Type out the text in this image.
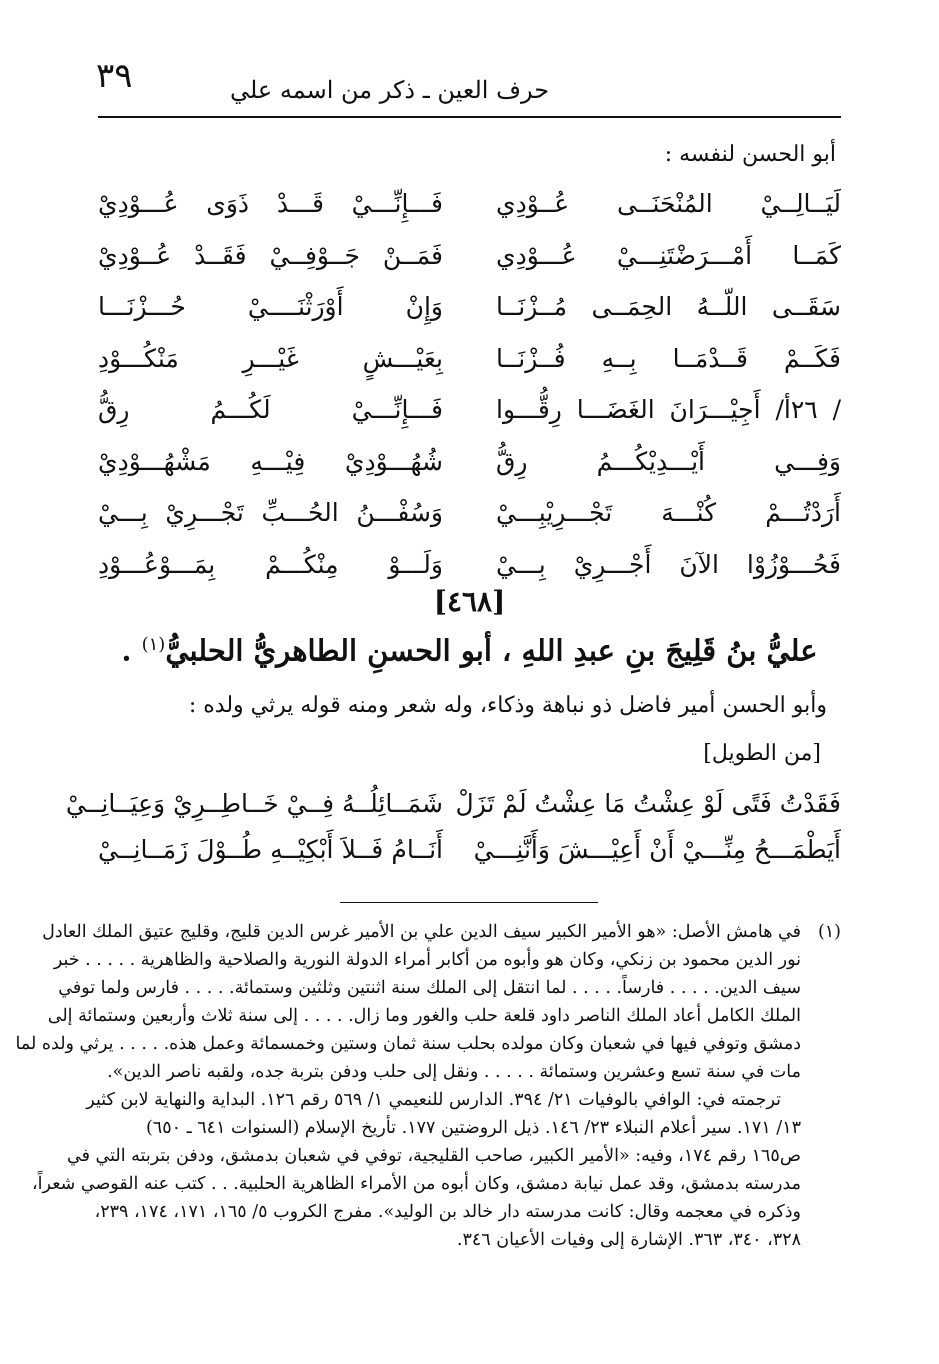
٣٩	حرف العين ـ ذكر من اسمه علي
أبو الحسن لنفسه :
لَيَــالِــيْ المُنْحَنَــى عُــوْدِي
فَـــإِنِّـــيْ قَـــدْ ذَوَى عُـــوْدِيْ
كَمَــا أَمْـــرَضْتَنِـــيْ عُـــوْدِي
فَمَــنْ جَــوْفِــيْ فَقَــدْ عُــوْدِيْ
سَقَــى اللّــهُ الحِمَــى مُــزْنَــا
وَإِنْ أَوْرَثْنَــــيْ حُـــزْنَـــا
فَكَــمْ قَــدْمَــا بِــهِ فُــزْنَــا
بِعَيْـــشٍ غَيْـــرِ مَنْكُـــوْدِ
/ ٢٦أ/ أَجِيْـــرَانَ الغَضَـــا رِقُّـــوا
فَـــإِنِّـــيْ لَكُـــمُ رِقُّ
وَفِـــي أَيْـــدِيْكُـــمُ رِقُّ
شُهُـــوْدِيْ فِيْـــهِ مَشْهُـــوْدِيْ
أَرَدْتُـــمْ كُنْـــهَ تَجْـــرِيْبِـــيْ
وَسُفْـــنُ الحُـــبِّ تَجْـــرِيْ بِـــيْ
فَحُـــوْزُوْا الآنَ أَجْـــرِيْ بِـــيْ
وَلَـــوْ مِنْكُـــمْ بِمَـــوْعُـــوْدِ
[٤٦٨]
عليُّ بنُ قَلِيجَ بنِ عبدِ اللهِ ، أبو الحسنِ الطاهريُّ الحلبيُّ$^{(١)}$ .
وأبو الحسن أمير فاضل ذو نباهة وذكاء، وله شعر ومنه قوله يرثي ولده :
[من الطويل]
فَقَدْتُ فَتًى لَوْ عِشْتُ مَا عِشْتُ لَمْ تَزَلْ
شَمَــائِلُــهُ فِــيْ خَــاطِــرِيْ وَعِيَــانِــيْ
أَيَطْمَـــحُ مِنِّـــيْ أَنْ أَعِيْـــشَ وَأَنَّنِـــيْ
أَنَــامُ فَــلاَ أَبْكِيْــهِ طُــوْلَ زَمَــانِــيْ
(١)
في هامش الأصل: «هو الأمير الكبير سيف الدين علي بن الأمير غرس الدين قليج، وقليج عتيق الملك العادل
نور الدين محمود بن زنكي، وكان هو وأبوه من أكابر أمراء الدولة النورية والصلاحية والظاهرية . . . . . خبر
سيف الدين. . . . . فارساً. . . . . لما انتقل إلى الملك سنة اثنتين وثلثين وستمائة. . . . . فارس ولما توفي
الملك الكامل أعاد الملك الناصر داود قلعة حلب والغور وما زال. . . . . إلى سنة ثلاث وأربعين وستمائة إلى
دمشق وتوفي فيها في شعبان وكان مولده بحلب سنة ثمان وستين وخمسمائة وعمل هذه. . . . . يرثي ولده لما
مات في سنة تسع وعشرين وستمائة . . . . . ونقل إلى حلب ودفن بتربة جده، ولقبه ناصر الدين».
ترجمته في: الوافي بالوفيات ٢١/ ٣٩٤. الدارس للنعيمي ١/ ٥٦٩ رقم ١٢٦. البداية والنهاية لابن كثير
١٣/ ١٧١. سير أعلام النبلاء ٢٣/ ١٤٦. ذيل الروضتين ١٧٧. تأريخ الإسلام (السنوات ٦٤١ ـ ٦٥٠)
ص١٦٥ رقم ١٧٤، وفيه: «الأمير الكبير، صاحب القليجية، توفي في شعبان بدمشق، ودفن بتربته التي في
مدرسته بدمشق، وقد عمل نيابة دمشق، وكان أبوه من الأمراء الظاهرية الحلبية. . . كتب عنه القوصي شعراً،
وذكره في معجمه وقال: كانت مدرسته دار خالد بن الوليد». مفرج الكروب ٥/ ١٦٥، ١٧١، ١٧٤، ٢٣٩،
٣٢٨، ٣٤٠، ٣٦٣. الإشارة إلى وفيات الأعيان ٣٤٦.
